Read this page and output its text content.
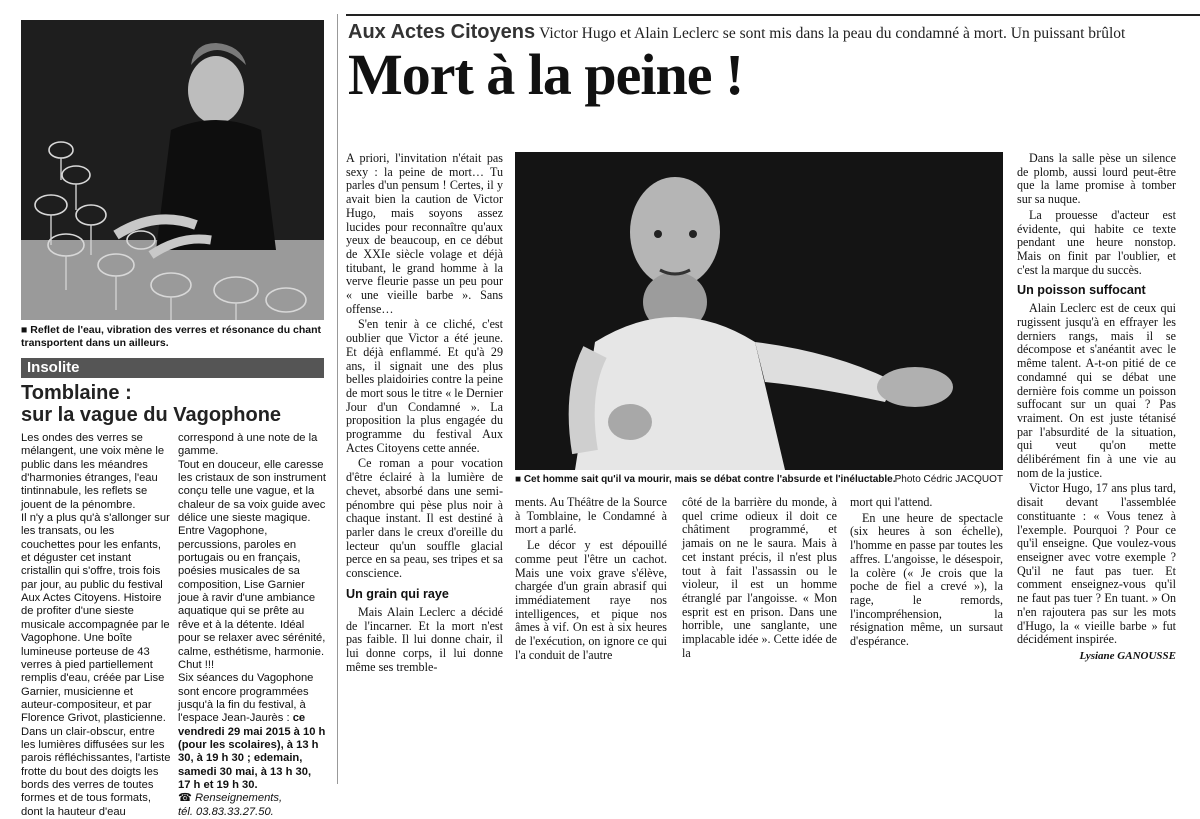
■ Reflet de l'eau, vibration des verres et résonance du chant transportent dans un ailleurs.
Insolite
Tomblaine :
sur la vague du Vagophone

Les ondes des verres se mélangent, une voix mène le public dans les méandres d'harmonies étranges, l'eau tintinnabule, les reflets se jouent de la pénombre.

Il n'y a plus qu'à s'allonger sur les transats, ou les couchettes pour les enfants, et déguster cet instant cristallin qui s'offre, trois fois par jour, au public du festival Aux Actes Citoyens. Histoire de profiter d'une sieste musicale accompagnée par le Vagophone. Une boîte lumineuse porteuse de 43 verres à pied partiellement remplis d'eau, créée par Lise Garnier, musicienne et auteur-compositeur, et par Florence Grivot, plasticienne.

Dans un clair-obscur, entre les lumières diffusées sur les parois réfléchissantes, l'artiste frotte du bout des doigts les bords des verres de toutes formes et de tous formats, dont la hauteur d'eau

correspond à une note de la gamme.

Tout en douceur, elle caresse les cristaux de son instrument conçu telle une vague, et la chaleur de sa voix guide avec délice une sieste magique. Entre Vagophone, percussions, paroles en portugais ou en français, poésies musicales de sa composition, Lise Garnier joue à ravir d'une ambiance aquatique qui se prête au rêve et à la détente. Idéal pour se relaxer avec sérénité, calme, esthétisme, harmonie. Chut !!!

Six séances du Vagophone sont encore programmées jusqu'à la fin du festival, à l'espace Jean-Jaurès : ce vendredi 29 mai 2015 à 10 h (pour les scolaires), à 13 h 30, à 19 h 30 ; edemain, samedi 30 mai, à 13 h 30, 17 h et 19 h 30.

☎ Renseignements,

tél. 03.83.33.27.50.

Aux Actes Citoyens Victor Hugo et Alain Leclerc se sont mis dans la peau du condamné à mort. Un puissant brûlot
Mort à la peine !
■ Cet homme sait qu'il va mourir, mais se débat contre l'absurde et l'inéluctable. Photo Cédric JACQUOT

A priori, l'invitation n'était pas sexy : la peine de mort… Tu parles d'un pensum ! Certes, il y avait bien la caution de Victor Hugo, mais soyons assez lucides pour reconnaître qu'aux yeux de beaucoup, en ce début de XXIe siècle volage et déjà titubant, le grand homme à la verve fleurie passe un peu pour « une vieille barbe ». Sans offense…

S'en tenir à ce cliché, c'est oublier que Victor a été jeune. Et déjà enflammé. Et qu'à 29 ans, il signait une des plus belles plaidoiries contre la peine de mort sous le titre « le Dernier Jour d'un Condamné ». La proposition la plus engagée du programme du festival Aux Actes Citoyens cette année.

Ce roman a pour vocation d'être éclairé à la lumière de chevet, absorbé dans une semi-pénombre qui pèse plus noir à chaque instant. Il est destiné à parler dans le creux d'oreille du lecteur qu'un souffle glacial perce en sa peau, ses tripes et sa conscience.

Un grain qui raye

Mais Alain Leclerc a décidé de l'incarner. Et la mort n'est pas faible. Il lui donne chair, il lui donne corps, il lui donne même ses tremble-

ments. Au Théâtre de la Source à Tomblaine, le Condamné à mort a parlé.

Le décor y est dépouillé comme peut l'être un cachot. Mais une voix grave s'élève, chargée d'un grain abrasif qui immédiatement raye nos intelligences, et pique nos âmes à vif. On est à six heures de l'exécution, on ignore ce qui l'a conduit de l'autre

côté de la barrière du monde, à quel crime odieux il doit ce châtiment programmé, et jamais on ne le saura. Mais à cet instant précis, il n'est plus tout à fait l'assassin ou le violeur, il est un homme étranglé par l'angoisse. « Mon esprit est en prison. Dans une horrible, une sanglante, une implacable idée ». Cette idée de la

mort qui l'attend.

En une heure de spectacle (six heures à son échelle), l'homme en passe par toutes les affres. L'angoisse, le désespoir, la colère (« Je crois que la poche de fiel a crevé »), la rage, le remords, l'incompréhension, la résignation même, un sursaut d'espérance.

Dans la salle pèse un silence de plomb, aussi lourd peut-être que la lame promise à tomber sur sa nuque.

La prouesse d'acteur est évidente, qui habite ce texte pendant une heure nonstop. Mais on finit par l'oublier, et c'est la marque du succès.

Un poisson suffocant

Alain Leclerc est de ceux qui rugissent jusqu'à en effrayer les derniers rangs, mais il se décompose et s'anéantit avec le même talent. A-t-on pitié de ce condamné qui se débat une dernière fois comme un poisson suffocant sur un quai ? Pas vraiment. On est juste tétanisé par l'absurdité de la situation, qui veut qu'on mette délibérément fin à une vie au nom de la justice.

Victor Hugo, 17 ans plus tard, disait devant l'assemblée constituante : « Vous tenez à l'exemple. Pourquoi ? Pour ce qu'il enseigne. Que voulez-vous enseigner avec votre exemple ? Qu'il ne faut pas tuer. Et comment enseignez-vous qu'il ne faut pas tuer ? En tuant. » On n'en rajoutera pas sur les mots d'Hugo, la « vieille barbe » fut décidément inspirée.

Lysiane GANOUSSE
